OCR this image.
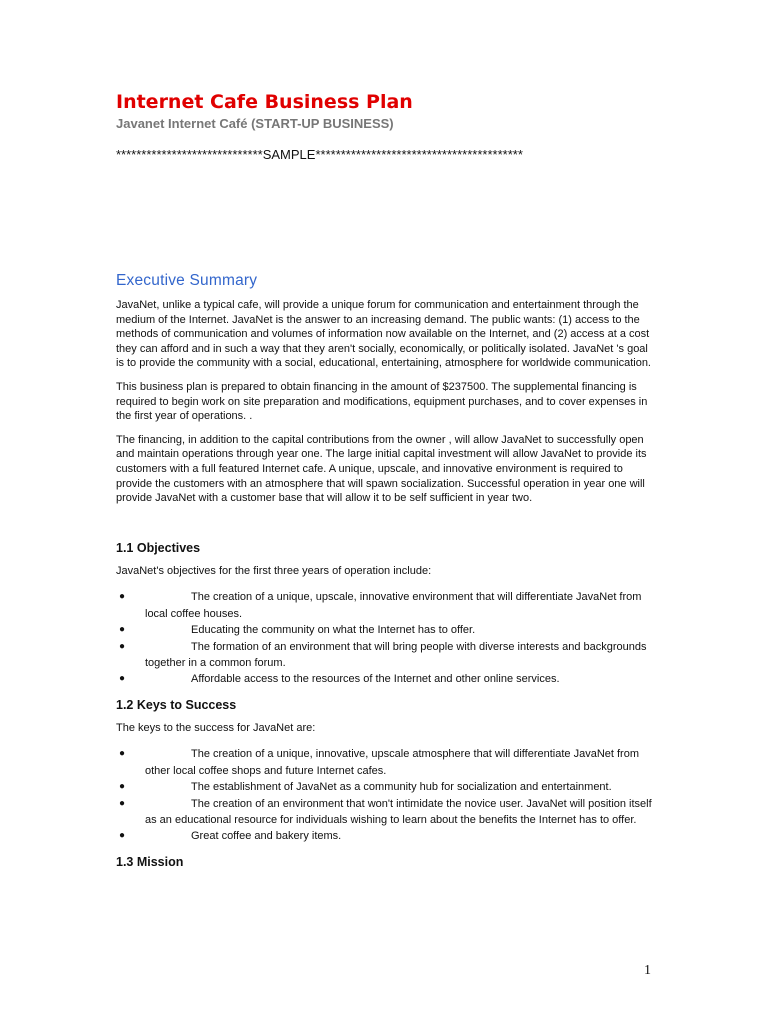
Internet Cafe Business Plan
Javanet Internet Café (START-UP BUSINESS)
*****************************SAMPLE*****************************************
Executive Summary

JavaNet, unlike a typical cafe, will provide a unique forum for communication and entertainment through the medium of the Internet. JavaNet is the answer to an increasing demand. The public wants: (1) access to the methods of communication and volumes of information now available on the Internet, and (2) access at a cost they can afford and in such a way that they aren't socially, economically, or politically isolated. JavaNet 's goal is to provide the community with a social, educational, entertaining, atmosphere for worldwide communication.

This business plan is prepared to obtain financing in the amount of $237500. The supplemental financing is required to begin work on site preparation and modifications, equipment purchases, and to cover expenses in the first year of operations. .

The financing, in addition to the capital contributions from the owner , will allow JavaNet to successfully open and maintain operations through year one. The large initial capital investment will allow JavaNet to provide its customers with a full featured Internet cafe. A unique, upscale, and innovative environment is required to provide the customers with an atmosphere that will spawn socialization. Successful operation in year one will provide JavaNet with a customer base that will allow it to be self sufficient in year two.

1.1 Objectives

JavaNet's objectives for the first three years of operation include:

●	The creation of a unique, upscale, innovative environment that will differentiate JavaNet from local coffee houses.
●	Educating the community on what the Internet has to offer.
●	The formation of an environment that will bring people with diverse interests and backgrounds together in a common forum.
●	Affordable access to the resources of the Internet and other online services.
1.2 Keys to Success

The keys to the success for JavaNet are:

●	The creation of a unique, innovative, upscale atmosphere that will differentiate JavaNet from other local coffee shops and future Internet cafes.
●	The establishment of JavaNet as a community hub for socialization and entertainment.
●	The creation of an environment that won't intimidate the novice user. JavaNet will position itself as an educational resource for individuals wishing to learn about the benefits the Internet has to offer.
●	Great coffee and bakery items.
1.3 Mission
1
